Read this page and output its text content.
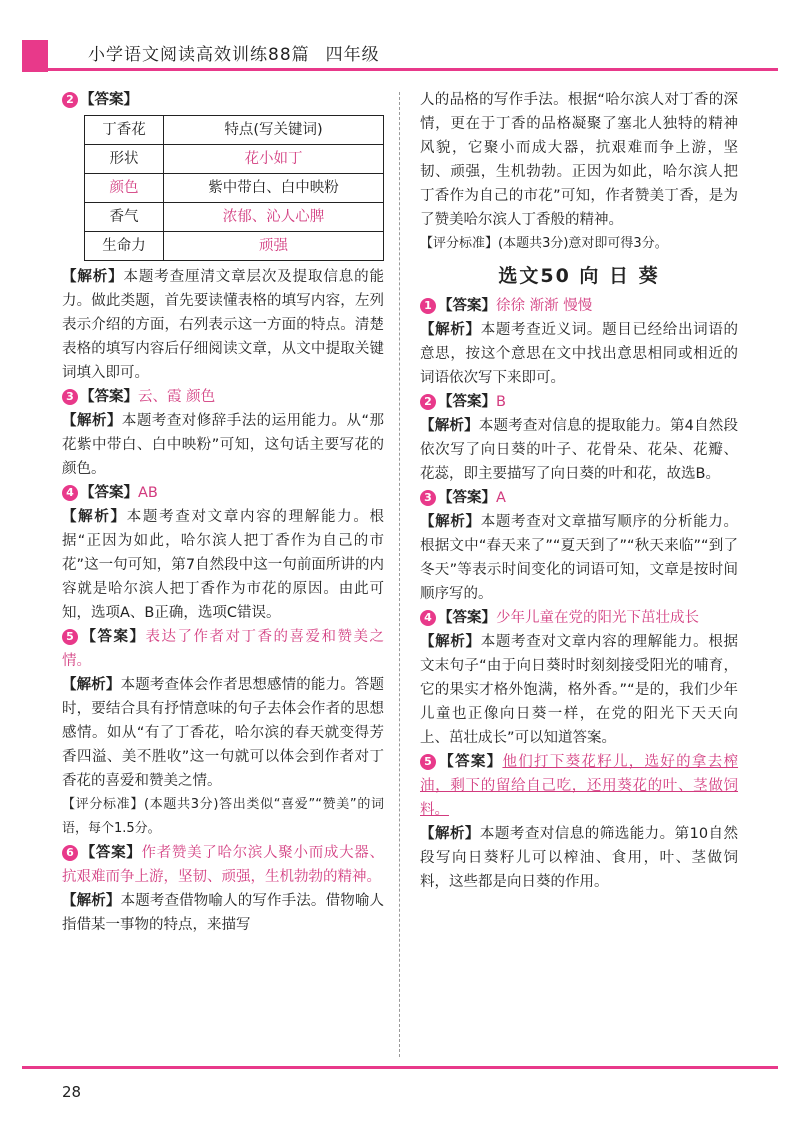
小学语文阅读高效训练88篇 四年级
2 【答案】
丁香花	特点(写关键词)
形状	花小如丁
颜色	紫中带白、白中映粉
香气	浓郁、沁人心脾
生命力	顽强

【解析】本题考查厘清文章层次及提取信息的能力。做此类题，首先要读懂表格的填写内容，左列表示介绍的方面，右列表示这一方面的特点。清楚表格的填写内容后仔细阅读文章，从文中提取关键词填入即可。

3 【答案】云、霞 颜色

【解析】本题考查对修辞手法的运用能力。从“那花紫中带白、白中映粉”可知，这句话主要写花的颜色。

4 【答案】AB

【解析】本题考查对文章内容的理解能力。根据“正因为如此，哈尔滨人把丁香作为自己的市花”这一句可知，第7自然段中这一句前面所讲的内容就是哈尔滨人把丁香作为市花的原因。由此可知，选项A、B正确，选项C错误。

5 【答案】表达了作者对丁香的喜爱和赞美之情。

【解析】本题考查体会作者思想感情的能力。答题时，要结合具有抒情意味的句子去体会作者的思想感情。如从“有了丁香花，哈尔滨的春天就变得芳香四溢、美不胜收”这一句就可以体会到作者对丁香花的喜爱和赞美之情。

【评分标准】(本题共3分)答出类似“喜爱”“赞美”的词语，每个1.5分。

6 【答案】作者赞美了哈尔滨人聚小而成大器、抗艰难而争上游，坚韧、顽强，生机勃勃的精神。

【解析】本题考查借物喻人的写作手法。借物喻人指借某一事物的特点，来描写

人的品格的写作手法。根据“哈尔滨人对丁香的深情，更在于丁香的品格凝聚了塞北人独特的精神风貌，它聚小而成大器，抗艰难而争上游，坚韧、顽强，生机勃勃。正因为如此，哈尔滨人把丁香作为自己的市花”可知，作者赞美丁香，是为了赞美哈尔滨人丁香般的精神。

【评分标准】(本题共3分)意对即可得3分。

选文50 向 日 葵

1 【答案】徐徐 渐渐 慢慢

【解析】本题考查近义词。题目已经给出词语的意思，按这个意思在文中找出意思相同或相近的词语依次写下来即可。

2 【答案】B

【解析】本题考查对信息的提取能力。第4自然段依次写了向日葵的叶子、花骨朵、花朵、花瓣、花蕊，即主要描写了向日葵的叶和花，故选B。

3 【答案】A

【解析】本题考查对文章描写顺序的分析能力。根据文中“春天来了”“夏天到了”“秋天来临”“到了冬天”等表示时间变化的词语可知，文章是按时间顺序写的。

4 【答案】少年儿童在党的阳光下茁壮成长

【解析】本题考查对文章内容的理解能力。根据文末句子“由于向日葵时时刻刻接受阳光的哺育，它的果实才格外饱满，格外香。”“是的，我们少年儿童也正像向日葵一样，在党的阳光下天天向上、茁壮成长”可以知道答案。

5 【答案】他们打下葵花籽儿，选好的拿去榨油，剩下的留给自己吃，还用葵花的叶、茎做饲料。

【解析】本题考查对信息的筛选能力。第10自然段写向日葵籽儿可以榨油、食用，叶、茎做饲料，这些都是向日葵的作用。

28
